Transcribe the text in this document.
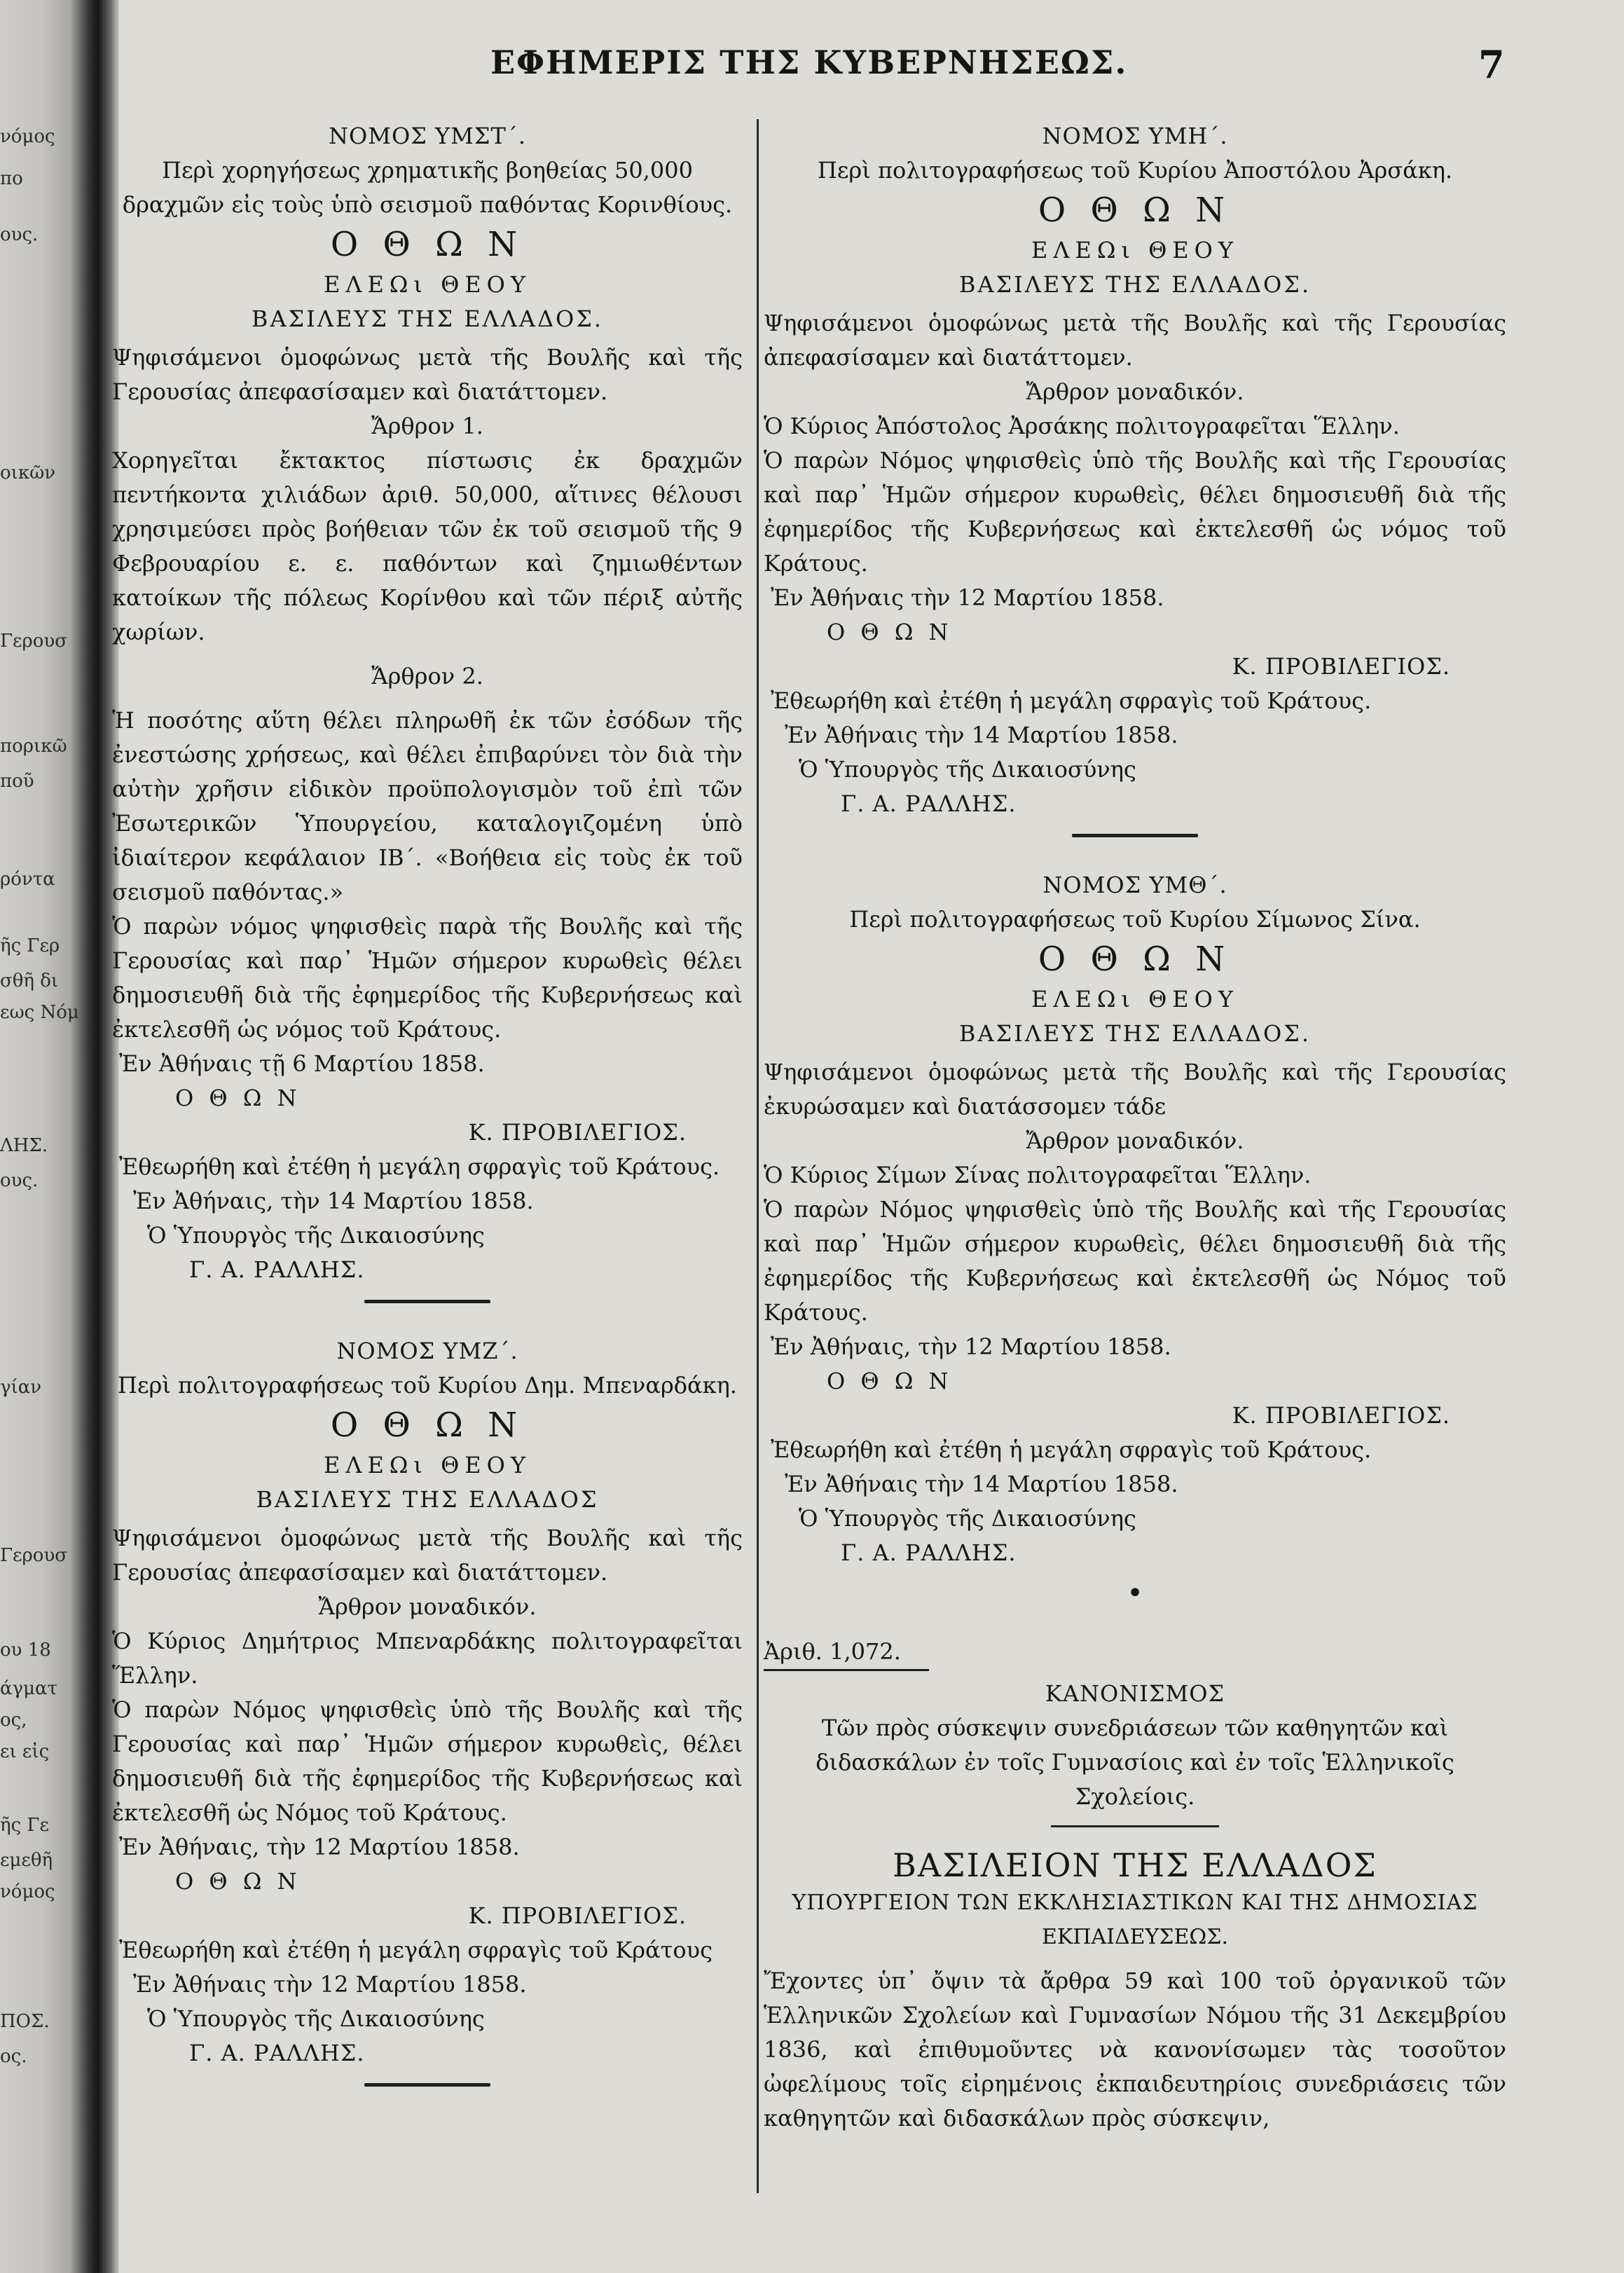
νόμος
πο
ους.
οικῶν
Γερουσ
πορικῶ
ποῦ
ρόντα
ῆς Γερ
σθῆ δι
εως Νόμ
ΛΗΣ.
ους.
γίαν
Γερουσ
ου 18
άγματ
ος,
ει εἰς
ῆς Γε
εμεθῆ
νόμος
ΠΟΣ.
ος.
ΕΦΗΜΕΡΙΣ ΤΗΣ ΚΥΒΕΡΝΗΣΕΩΣ.	7

ΝΟΜΟΣ ΥΜΣΤ΄.

Περὶ χορηγήσεως χρηματικῆς βοηθείας 50,000 δραχμῶν εἰς τοὺς ὑπὸ σεισμοῦ παθόντας Κορινθίους.

Ο Θ Ω Ν

ΕΛΕΩι ΘΕΟΥ

ΒΑΣΙΛΕΥΣ ΤΗΣ ΕΛΛΑΔΟΣ.

Ψηφισάμενοι ὁμοφώνως μετὰ τῆς Βουλῆς καὶ τῆς Γερουσίας ἀπεφασίσαμεν καὶ διατάττομεν.

Ἄρθρον 1.

Χορηγεῖται ἔκτακτος πίστωσις ἐκ δραχμῶν πεντήκοντα χιλιάδων ἀριθ. 50,000, αἵτινες θέλουσι χρησιμεύσει πρὸς βοήθειαν τῶν ἐκ τοῦ σεισμοῦ τῆς 9 Φεβρουαρίου ε. ε. παθόντων καὶ ζημιωθέντων κατοίκων τῆς πόλεως Κορίνθου καὶ τῶν πέριξ αὐτῆς χωρίων.

Ἄρθρον 2.

Ἡ ποσότης αὕτη θέλει πληρωθῆ ἐκ τῶν ἐσόδων τῆς ἐνεστώσης χρήσεως, καὶ θέλει ἐπιβαρύνει τὸν διὰ τὴν αὐτὴν χρῆσιν εἰδικὸν προϋπολογισμὸν τοῦ ἐπὶ τῶν Ἐσωτερικῶν Ὑπουργείου, καταλογιζομένη ὑπὸ ἰδιαίτερον κεφάλαιον ΙΒ΄. «Βοήθεια εἰς τοὺς ἐκ τοῦ σεισμοῦ παθόντας.»

Ὁ παρὼν νόμος ψηφισθεὶς παρὰ τῆς Βουλῆς καὶ τῆς Γερουσίας καὶ παρ᾽ Ἡμῶν σήμερον κυρωθεὶς θέλει δημοσιευθῆ διὰ τῆς ἐφημερίδος τῆς Κυβερνήσεως καὶ ἐκτελεσθῆ ὡς νόμος τοῦ Κράτους.

Ἐν Ἀθήναις τῇ 6 Μαρτίου 1858.

Ο Θ Ω Ν

Κ. ΠΡΟΒΙΛΕΓΙΟΣ.

Ἐθεωρήθη καὶ ἐτέθη ἡ μεγάλη σφραγὶς τοῦ Κράτους.

Ἐν Ἀθήναις, τὴν 14 Μαρτίου 1858.

Ὁ Ὑπουργὸς τῆς Δικαιοσύνης

Γ. Α. ΡΑΛΛΗΣ.

ΝΟΜΟΣ ΥΜΖ΄.

Περὶ πολιτογραφήσεως τοῦ Κυρίου Δημ. Μπεναρδάκη.

Ο Θ Ω Ν

ΕΛΕΩι ΘΕΟΥ

ΒΑΣΙΛΕΥΣ ΤΗΣ ΕΛΛΑΔΟΣ

Ψηφισάμενοι ὁμοφώνως μετὰ τῆς Βουλῆς καὶ τῆς Γερουσίας ἀπεφασίσαμεν καὶ διατάττομεν.

Ἄρθρον μοναδικόν.

Ὁ Κύριος Δημήτριος Μπεναρδάκης πολιτογραφεῖται Ἕλλην.

Ὁ παρὼν Νόμος ψηφισθεὶς ὑπὸ τῆς Βουλῆς καὶ τῆς Γερουσίας καὶ παρ᾽ Ἡμῶν σήμερον κυρωθεὶς, θέλει δημοσιευθῆ διὰ τῆς ἐφημερίδος τῆς Κυβερνήσεως καὶ ἐκτελεσθῆ ὡς Νόμος τοῦ Κράτους.

Ἐν Ἀθήναις, τὴν 12 Μαρτίου 1858.

Ο Θ Ω Ν

Κ. ΠΡΟΒΙΛΕΓΙΟΣ.

Ἐθεωρήθη καὶ ἐτέθη ἡ μεγάλη σφραγὶς τοῦ Κράτους

Ἐν Ἀθήναις τὴν 12 Μαρτίου 1858.

Ὁ Ὑπουργὸς τῆς Δικαιοσύνης

Γ. Α. ΡΑΛΛΗΣ.

ΝΟΜΟΣ ΥΜΗ΄.

Περὶ πολιτογραφήσεως τοῦ Κυρίου Ἀποστόλου Ἀρσάκη.

Ο Θ Ω Ν

ΕΛΕΩι ΘΕΟΥ

ΒΑΣΙΛΕΥΣ ΤΗΣ ΕΛΛΑΔΟΣ.

Ψηφισάμενοι ὁμοφώνως μετὰ τῆς Βουλῆς καὶ τῆς Γερουσίας ἀπεφασίσαμεν καὶ διατάττομεν.

Ἄρθρον μοναδικόν.

Ὁ Κύριος Ἀπόστολος Ἀρσάκης πολιτογραφεῖται Ἕλλην.

Ὁ παρὼν Νόμος ψηφισθεὶς ὑπὸ τῆς Βουλῆς καὶ τῆς Γερουσίας καὶ παρ᾽ Ἡμῶν σήμερον κυρωθεὶς, θέλει δημοσιευθῆ διὰ τῆς ἐφημερίδος τῆς Κυβερνήσεως καὶ ἐκτελεσθῆ ὡς νόμος τοῦ Κράτους.

Ἐν Ἀθήναις τὴν 12 Μαρτίου 1858.

Ο Θ Ω Ν

Κ. ΠΡΟΒΙΛΕΓΙΟΣ.

Ἐθεωρήθη καὶ ἐτέθη ἡ μεγάλη σφραγὶς τοῦ Κράτους.

Ἐν Ἀθήναις τὴν 14 Μαρτίου 1858.

Ὁ Ὑπουργὸς τῆς Δικαιοσύνης

Γ. Α. ΡΑΛΛΗΣ.

ΝΟΜΟΣ ΥΜΘ΄.

Περὶ πολιτογραφήσεως τοῦ Κυρίου Σίμωνος Σίνα.

Ο Θ Ω Ν

ΕΛΕΩι ΘΕΟΥ

ΒΑΣΙΛΕΥΣ ΤΗΣ ΕΛΛΑΔΟΣ.

Ψηφισάμενοι ὁμοφώνως μετὰ τῆς Βουλῆς καὶ τῆς Γερουσίας ἐκυρώσαμεν καὶ διατάσσομεν τάδε

Ἄρθρον μοναδικόν.

Ὁ Κύριος Σίμων Σίνας πολιτογραφεῖται Ἕλλην.

Ὁ παρὼν Νόμος ψηφισθεὶς ὑπὸ τῆς Βουλῆς καὶ τῆς Γερουσίας καὶ παρ᾽ Ἡμῶν σήμερον κυρωθεὶς, θέλει δημοσιευθῆ διὰ τῆς ἐφημερίδος τῆς Κυβερνήσεως καὶ ἐκτελεσθῆ ὡς Νόμος τοῦ Κράτους.

Ἐν Ἀθήναις, τὴν 12 Μαρτίου 1858.

Ο Θ Ω Ν

Κ. ΠΡΟΒΙΛΕΓΙΟΣ.

Ἐθεωρήθη καὶ ἐτέθη ἡ μεγάλη σφραγὶς τοῦ Κράτους.

Ἐν Ἀθήναις τὴν 14 Μαρτίου 1858.

Ὁ Ὑπουργὸς τῆς Δικαιοσύνης

Γ. Α. ΡΑΛΛΗΣ.

•

Ἀριθ. 1,072.

ΚΑΝΟΝΙΣΜΟΣ

Τῶν πρὸς σύσκεψιν συνεδριάσεων τῶν καθηγητῶν καὶ διδασκάλων ἐν τοῖς Γυμνασίοις καὶ ἐν τοῖς Ἑλληνικοῖς Σχολείοις.

ΒΑΣΙΛΕΙΟΝ ΤΗΣ ΕΛΛΑΔΟΣ

ΥΠΟΥΡΓΕΙΟΝ ΤΩΝ ΕΚΚΛΗΣΙΑΣΤΙΚΩΝ ΚΑΙ ΤΗΣ ΔΗΜΟΣΙΑΣ

ΕΚΠΑΙΔΕΥΣΕΩΣ.

Ἔχοντες ὑπ᾽ ὄψιν τὰ ἄρθρα 59 καὶ 100 τοῦ ὀργανικοῦ τῶν Ἑλληνικῶν Σχολείων καὶ Γυμνασίων Νόμου τῆς 31 Δεκεμβρίου 1836, καὶ ἐπιθυμοῦντες νὰ κανονίσωμεν τὰς τοσοῦτον ὠφελίμους τοῖς εἰρημένοις ἐκπαιδευτηρίοις συνεδριάσεις τῶν καθηγητῶν καὶ διδασκάλων πρὸς σύσκεψιν,
